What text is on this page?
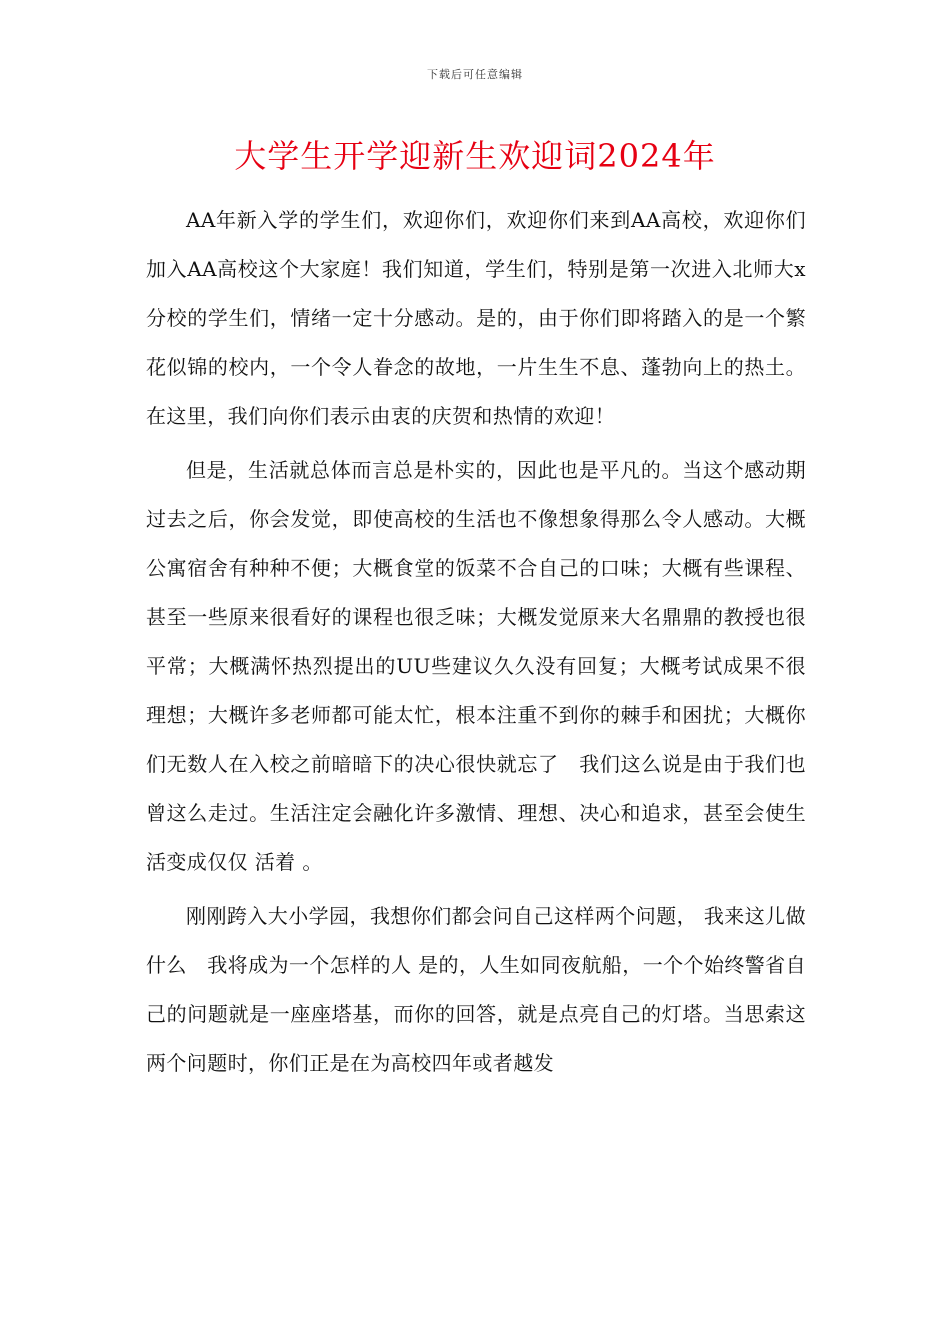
下载后可任意编辑
大学生开学迎新生欢迎词2024年

AA年新入学的学生们，欢迎你们，欢迎你们来到AA高校，欢迎你们加入AA高校这个大家庭！我们知道，学生们，特别是第一次进入北师大x分校的学生们，情绪一定十分感动。是的，由于你们即将踏入的是一个繁花似锦的校内，一个令人眷念的故地，一片生生不息、蓬勃向上的热土。在这里，我们向你们表示由衷的庆贺和热情的欢迎！

但是，生活就总体而言总是朴实的，因此也是平凡的。当这个感动期过去之后，你会发觉，即使高校的生活也不像想象得那么令人感动。大概公寓宿舍有种种不便；大概食堂的饭菜不合自己的口味；大概有些课程、甚至一些原来很看好的课程也很乏味；大概发觉原来大名鼎鼎的教授也很平常；大概满怀热烈提出的UU些建议久久没有回复；大概考试成果不很理想；大概许多老师都可能太忙，根本注重不到你的棘手和困扰；大概你们无数人在入校之前暗暗下的决心很快就忘了　我们这么说是由于我们也曾这么走过。生活注定会融化许多激情、理想、决心和追求，甚至会使生活变成仅仅 活着 。

刚刚跨入大小学园，我想你们都会问自己这样两个问题， 我来这儿做什么　我将成为一个怎样的人 是的，人生如同夜航船，一个个始终警省自己的问题就是一座座塔基，而你的回答，就是点亮自己的灯塔。当思索这两个问题时，你们正是在为高校四年或者越发
